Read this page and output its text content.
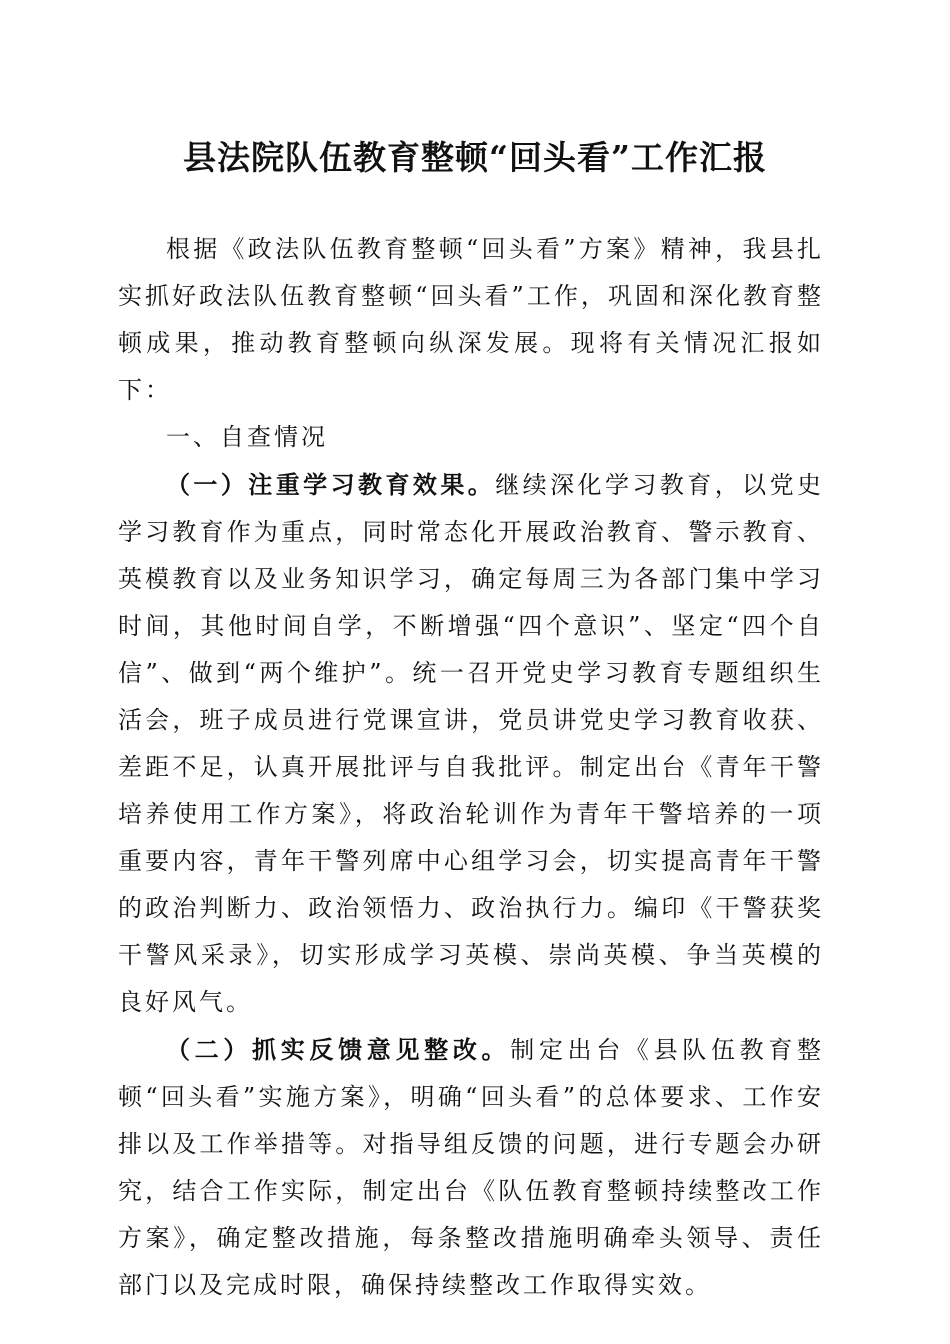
县法院队伍教育整顿“回头看”工作汇报

根据《政法队伍教育整顿“回头看”方案》精神，我县扎实抓好政法队伍教育整顿“回头看”工作，巩固和深化教育整顿成果，推动教育整顿向纵深发展。现将有关情况汇报如下：

一、自查情况

（一）注重学习教育效果。继续深化学习教育，以党史学习教育作为重点，同时常态化开展政治教育、警示教育、英模教育以及业务知识学习，确定每周三为各部门集中学习时间，其他时间自学，不断增强“四个意识”、坚定“四个自信”、做到“两个维护”。统一召开党史学习教育专题组织生活会，班子成员进行党课宣讲，党员讲党史学习教育收获、差距不足，认真开展批评与自我批评。制定出台《青年干警培养使用工作方案》，将政治轮训作为青年干警培养的一项重要内容，青年干警列席中心组学习会，切实提高青年干警的政治判断力、政治领悟力、政治执行力。编印《干警获奖干警风采录》，切实形成学习英模、崇尚英模、争当英模的良好风气。

（二）抓实反馈意见整改。制定出台《县队伍教育整顿“回头看”实施方案》，明确“回头看”的总体要求、工作安排以及工作举措等。对指导组反馈的问题，进行专题会办研究，结合工作实际，制定出台《队伍教育整顿持续整改工作方案》，确定整改措施，每条整改措施明确牵头领导、责任部门以及完成时限，确保持续整改工作取得实效。
